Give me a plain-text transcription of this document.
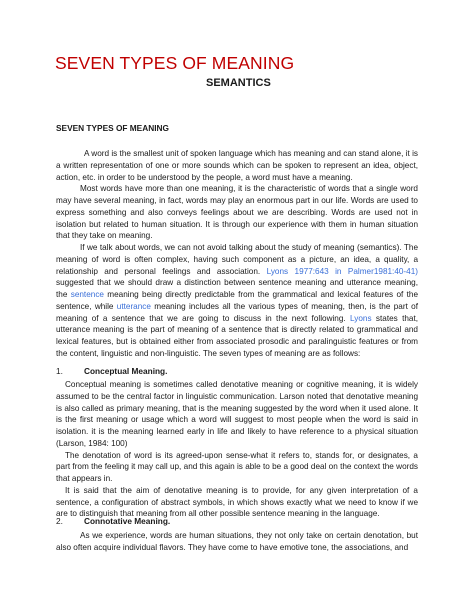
SEVEN TYPES OF MEANING
SEMANTICS
SEVEN TYPES OF MEANING

A word is the smallest unit of spoken language which has meaning and can stand alone, it is a written representation of one or more sounds which can be spoken to represent an idea, object, action, etc. in order to be understood by the people, a word must have a meaning.

Most words have more than one meaning, it is the characteristic of words that a single word may have several meaning, in fact, words may play an enormous part in our life. Words are used to express something and also conveys feelings about we are describing. Words are used not in isolation but related to human situation. It is through our experience with them in human situation that they take on meaning.

If we talk about words, we can not avoid talking about the study of meaning (semantics). The meaning of word is often complex, having such component as a picture, an idea, a quality, a relationship and personal feelings and association. Lyons 1977:643 in Palmer1981:40-41) suggested that we should draw a distinction between sentence meaning and utterance meaning, the sentence meaning being directly predictable from the grammatical and lexical features of the sentence, while utterance meaning includes all the various types of meaning, then, is the part of meaning of a sentence that we are going to discuss in the next following. Lyons states that, utterance meaning is the part of meaning of a sentence that is directly related to grammatical and lexical features, but is obtained either from associated prosodic and paralinguistic features or from the content, linguistic and non-linguistic. The seven types of meaning are as follows:

1.	Conceptual Meaning.

Conceptual meaning is sometimes called denotative meaning or cognitive meaning, it is widely assumed to be the central factor in linguistic communication. Larson noted that denotative meaning is also called as primary meaning, that is the meaning suggested by the word when it used alone. It is the first meaning or usage which a word will suggest to most people when the word is said in isolation. it is the meaning learned early in life and likely to have reference to a physical situation (Larson, 1984: 100)

The denotation of word is its agreed-upon sense-what it refers to, stands for, or designates, a part from the feeling it may call up, and this again is able to be a good deal on the context the words that appears in.

It is said that the aim of denotative meaning is to provide, for any given interpretation of a sentence, a configuration of abstract symbols, in which shows exactly what we need to know if we are to distinguish that meaning from all other possible sentence meaning in the language.

2.	Connotative Meaning.

As we experience, words are human situations, they not only take on certain denotation, but also often acquire individual flavors. They have come to have emotive tone, the associations, and
